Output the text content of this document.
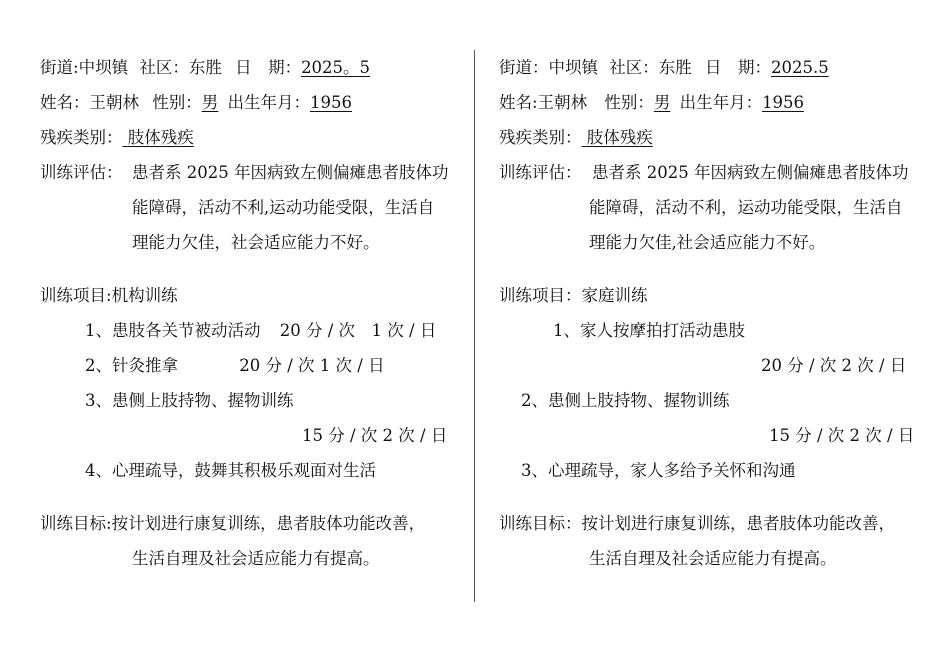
街道:中坝镇 社区：东胜 日　期：2025。5
姓名：王朝林 性别：男 出生年月：1956
残疾类别： 肢体残疾
训练评估： 患者系 2025 年因病致左侧偏瘫患者肢体功
能障碍，活动不利,运动功能受限，生活自
理能力欠佳，社会适应能力不好。
训练项目:机构训练
1、患肢各关节被动活动 20 分 / 次　1 次 / 日
2、针灸推拿	20 分 / 次 1 次 / 日
3、患侧上肢持物、握物训练
15 分 / 次 2 次 / 日
4、心理疏导，鼓舞其积极乐观面对生活
训练目标:按计划进行康复训练，患者肢体功能改善，
生活自理及社会适应能力有提高。
街道：中坝镇 社区：东胜 日　期：2025.5
姓名:王朝林 性别：男 出生年月：1956
残疾类别： 肢体残疾
训练评估： 患者系 2025 年因病致左侧偏瘫患者肢体功
能障碍，活动不利，运动功能受限，生活自
理能力欠佳,社会适应能力不好。
训练项目：家庭训练
1、家人按摩拍打活动患肢
20 分 / 次 2 次 / 日
2、患侧上肢持物、握物训练
15 分 / 次 2 次 / 日
3、心理疏导，家人多给予关怀和沟通
训练目标：按计划进行康复训练，患者肢体功能改善，
生活自理及社会适应能力有提高。
